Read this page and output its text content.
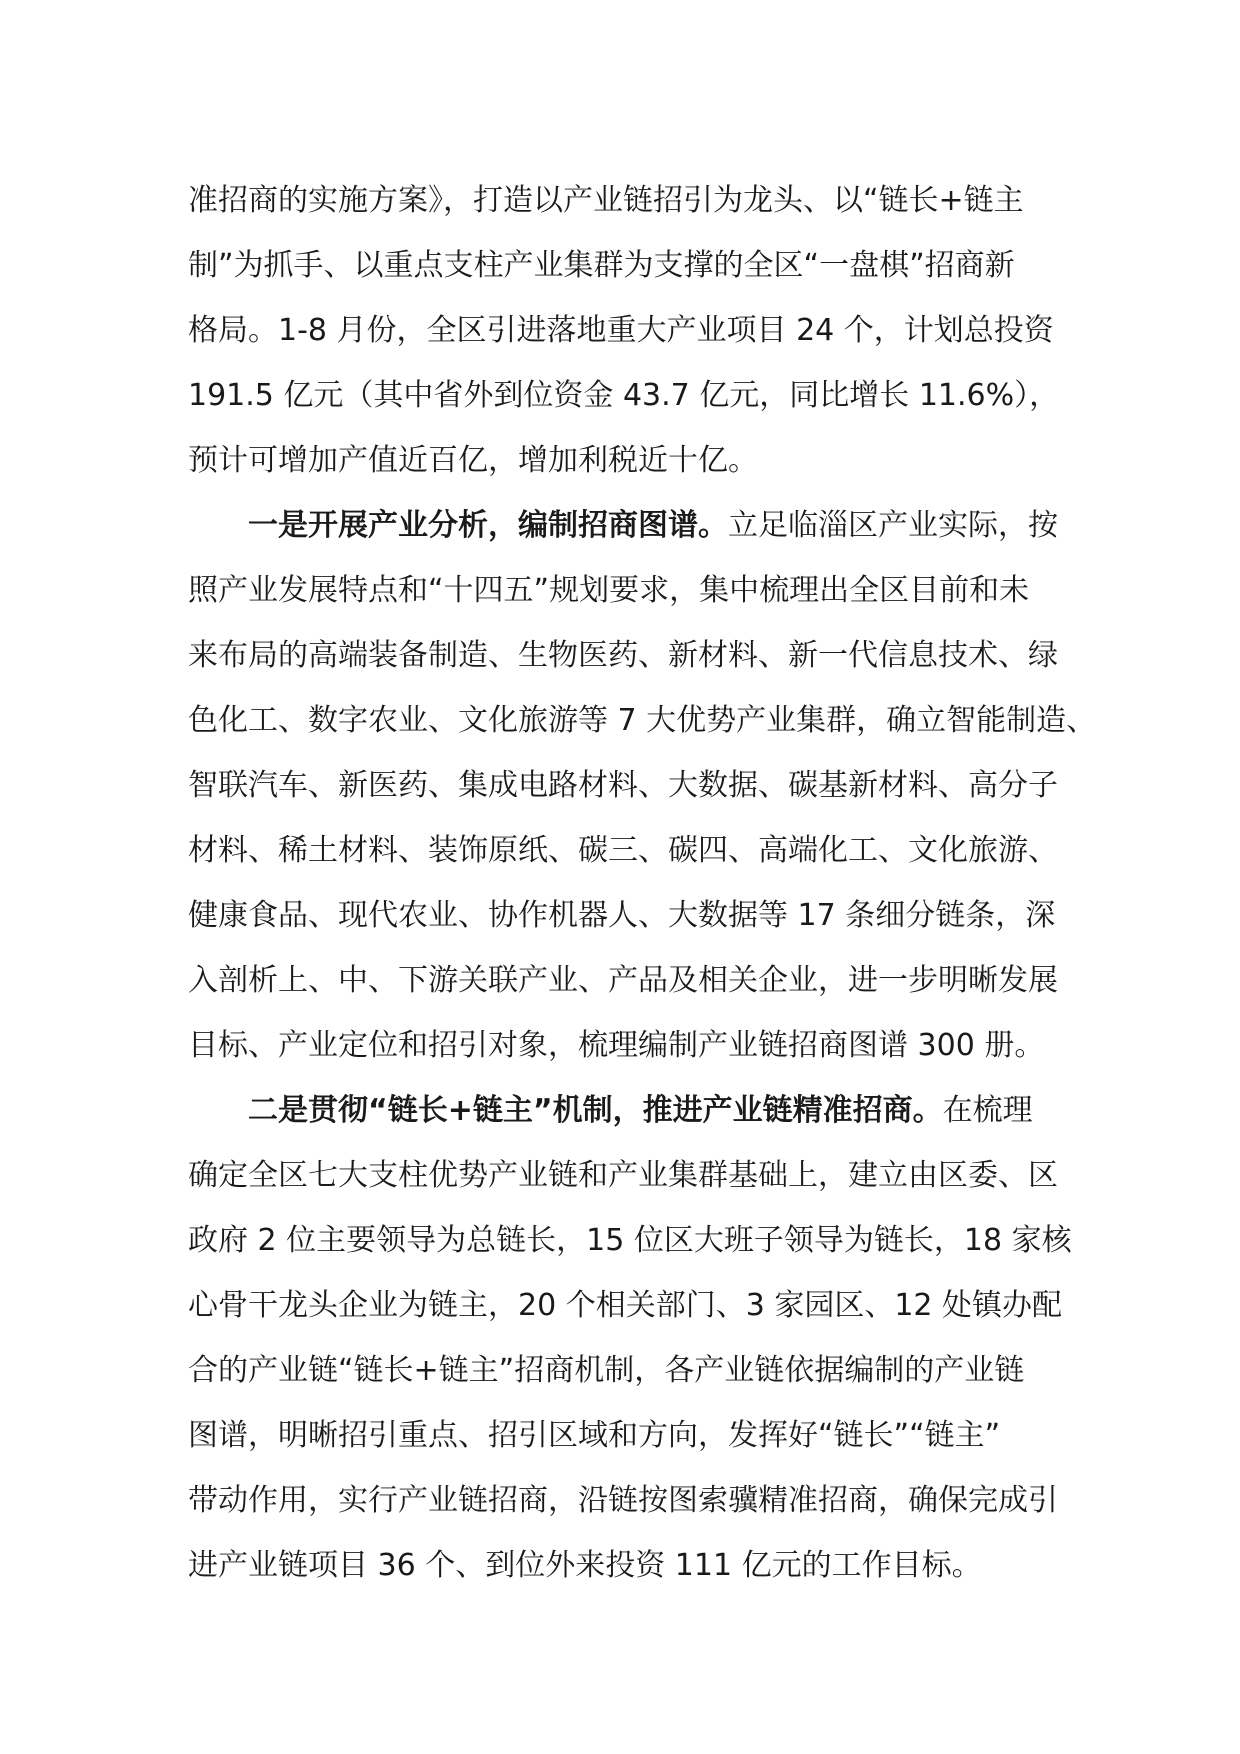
准招商的实施方案》，打造以产业链招引为龙头、以“链长+链主
制”为抓手、以重点支柱产业集群为支撑的全区“一盘棋”招商新
格局。1-8 月份，全区引进落地重大产业项目 24 个，计划总投资
191.5 亿元（其中省外到位资金 43.7 亿元，同比增长 11.6%），
预计可增加产值近百亿，增加利税近十亿。
一是开展产业分析，编制招商图谱。立足临淄区产业实际，按
照产业发展特点和“十四五”规划要求，集中梳理出全区目前和未
来布局的高端装备制造、生物医药、新材料、新一代信息技术、绿
色化工、数字农业、文化旅游等 7 大优势产业集群，确立智能制造、
智联汽车、新医药、集成电路材料、大数据、碳基新材料、高分子
材料、稀土材料、装饰原纸、碳三、碳四、高端化工、文化旅游、
健康食品、现代农业、协作机器人、大数据等 17 条细分链条，深
入剖析上、中、下游关联产业、产品及相关企业，进一步明晰发展
目标、产业定位和招引对象，梳理编制产业链招商图谱 300 册。
二是贯彻“链长+链主”机制，推进产业链精准招商。在梳理
确定全区七大支柱优势产业链和产业集群基础上，建立由区委、区
政府 2 位主要领导为总链长，15 位区大班子领导为链长，18 家核
心骨干龙头企业为链主，20 个相关部门、3 家园区、12 处镇办配
合的产业链“链长+链主”招商机制，各产业链依据编制的产业链
图谱，明晰招引重点、招引区域和方向，发挥好“链长”“链主”
带动作用，实行产业链招商，沿链按图索骥精准招商，确保完成引
进产业链项目 36 个、到位外来投资 111 亿元的工作目标。
